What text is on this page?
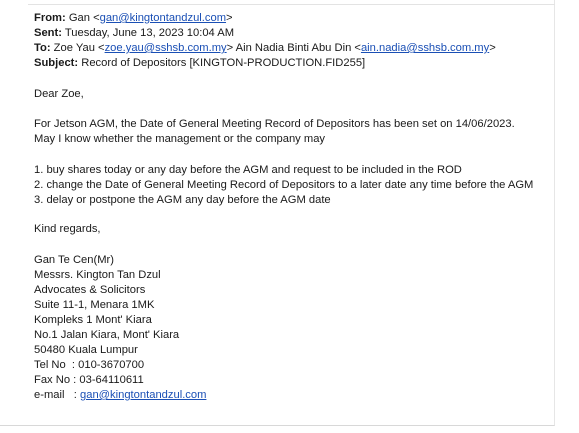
From: Gan <gan@kingtontandzul.com>
Sent: Tuesday, June 13, 2023 10:04 AM
To: Zoe Yau <zoe.yau@sshsb.com.my> Ain Nadia Binti Abu Din <ain.nadia@sshsb.com.my>
Subject: Record of Depositors [KINGTON-PRODUCTION.FID255]
Dear Zoe,
For Jetson AGM, the Date of General Meeting Record of Depositors has been set on 14/06/2023.
May I know whether the management or the company may
1. buy shares today or any day before the AGM and request to be included in the ROD
2. change the Date of General Meeting Record of Depositors to a later date any time before the AGM
3. delay or postpone the AGM any day before the AGM date
Kind regards,
Gan Te Cen(Mr)
Messrs. Kington Tan Dzul
Advocates & Solicitors
Suite 11-1, Menara 1MK
Kompleks 1 Mont' Kiara
No.1 Jalan Kiara, Mont' Kiara
50480 Kuala Lumpur
Tel No  : 010-3670700
Fax No : 03-64110611
e-mail   : gan@kingtontandzul.com
